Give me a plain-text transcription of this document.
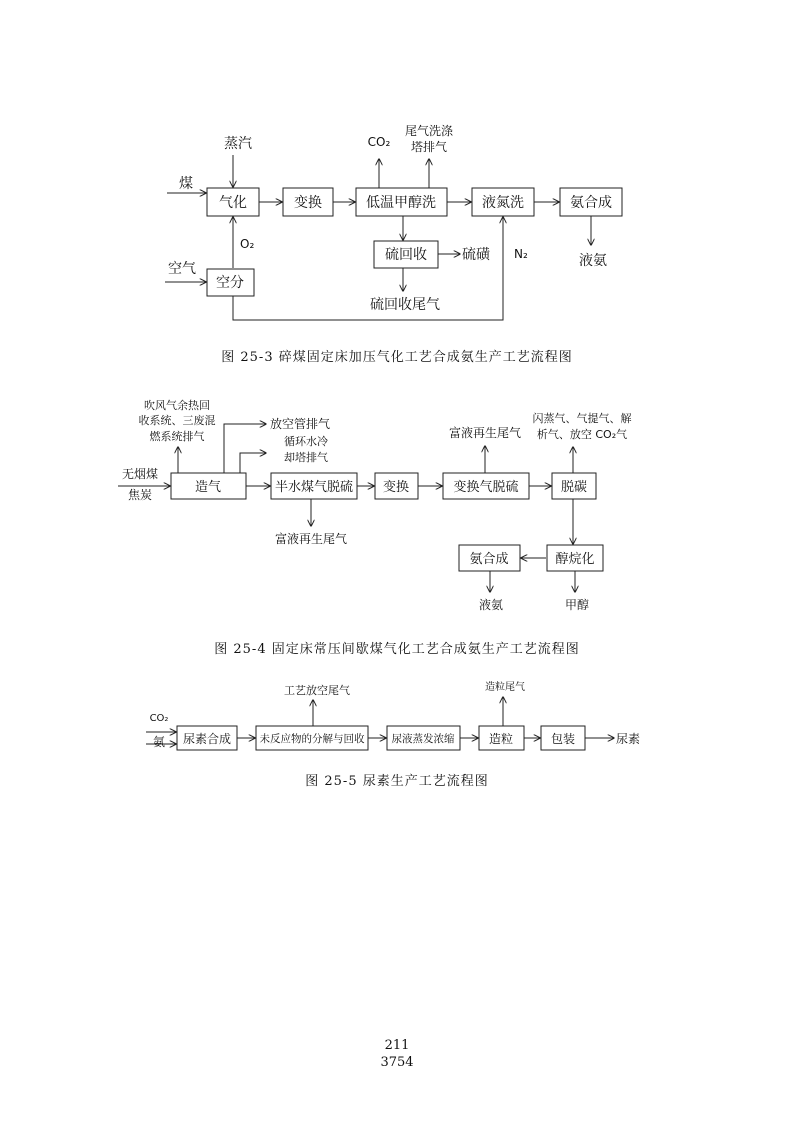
气化	变换	低温甲醇洗	液氮洗	氨合成
硫回收
空分
蒸汽
煤
空气
O₂
CO₂
尾气洗涤
塔排气
硫磺 N₂
硫回收尾气
液氨
造气	半水煤气脱硫 变换	变换气脱硫	脱碳
醇烷化
氨合成
吹风气余热回
收系统、三废混
燃系统排气
放空管排气
循环水冷
却塔排气
无烟煤
焦炭
富液再生尾气
富液再生尾气
闪蒸气、气提气、解
析气、放空 CO₂气
液氨	甲醇
尿素合成	未反应物的分解与回收	尿液蒸发浓缩	造粒	包装
CO₂
氨
工艺放空尾气	造粒尾气
尿素
图 25-3 碎煤固定床加压气化工艺合成氨生产工艺流程图
图 25-4 固定床常压间歇煤气化工艺合成氨生产工艺流程图
图 25-5 尿素生产工艺流程图
211
3754
